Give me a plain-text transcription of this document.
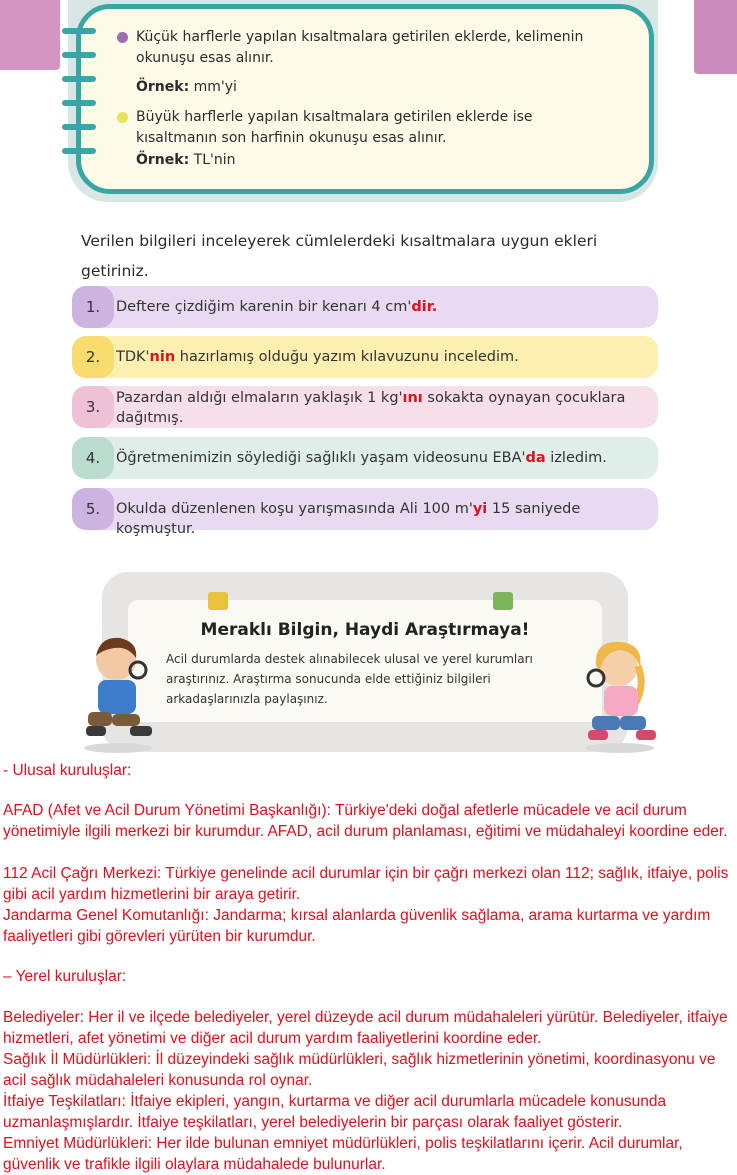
Küçük harflerle yapılan kısaltmalara getirilen eklerde, kelimenin okunuşu esas alınır.
Örnek: mm'yi
Büyük harflerle yapılan kısaltmalara getirilen eklerde ise kısaltmanın son harfinin okunuşu esas alınır.
Örnek: TL'nin
Verilen bilgileri inceleyerek cümlelerdeki kısaltmalara uygun ekleri getiriniz.
1.	Deftere çizdiğim karenin bir kenarı 4 cm'dir.
2.	TDK'nin hazırlamış olduğu yazım kılavuzunu inceledim.
3.	Pazardan aldığı elmaların yaklaşık 1 kg'ını sokakta oynayan çocuklara dağıtmış.
4.	Öğretmenimizin söylediği sağlıklı yaşam videosunu EBA'da izledim.
5.	Okulda düzenlenen koşu yarışmasında Ali 100 m'yi 15 saniyede koşmuştur.
Meraklı Bilgin, Haydi Araştırmaya!
Acil durumlarda destek alınabilecek ulusal ve yerel kurumları araştırınız. Araştırma sonucunda elde ettiğiniz bilgileri arkadaşlarınızla paylaşınız.
- Ulusal kuruluşlar:
AFAD (Afet ve Acil Durum Yönetimi Başkanlığı): Türkiye'deki doğal afetlerle mücadele ve acil durum yönetimiyle ilgili merkezi bir kurumdur. AFAD, acil durum planlaması, eğitimi ve müdahaleyi koordine eder.
112 Acil Çağrı Merkezi: Türkiye genelinde acil durumlar için bir çağrı merkezi olan 112; sağlık, itfaiye, polis gibi acil yardım hizmetlerini bir araya getirir.
Jandarma Genel Komutanlığı: Jandarma; kırsal alanlarda güvenlik sağlama, arama kurtarma ve yardım faaliyetleri gibi görevleri yürüten bir kurumdur.
– Yerel kuruluşlar:
Belediyeler: Her il ve ilçede belediyeler, yerel düzeyde acil durum müdahaleleri yürütür. Belediyeler, itfaiye hizmetleri, afet yönetimi ve diğer acil durum yardım faaliyetlerini koordine eder.
Sağlık İl Müdürlükleri: İl düzeyindeki sağlık müdürlükleri, sağlık hizmetlerinin yönetimi, koordinasyonu ve acil sağlık müdahaleleri konusunda rol oynar.
İtfaiye Teşkilatları: İtfaiye ekipleri, yangın, kurtarma ve diğer acil durumlarla mücadele konusunda uzmanlaşmışlardır. İtfaiye teşkilatları, yerel belediyelerin bir parçası olarak faaliyet gösterir.
Emniyet Müdürlükleri: Her ilde bulunan emniyet müdürlükleri, polis teşkilatlarını içerir. Acil durumlar, güvenlik ve trafikle ilgili olaylara müdahalede bulunurlar.
